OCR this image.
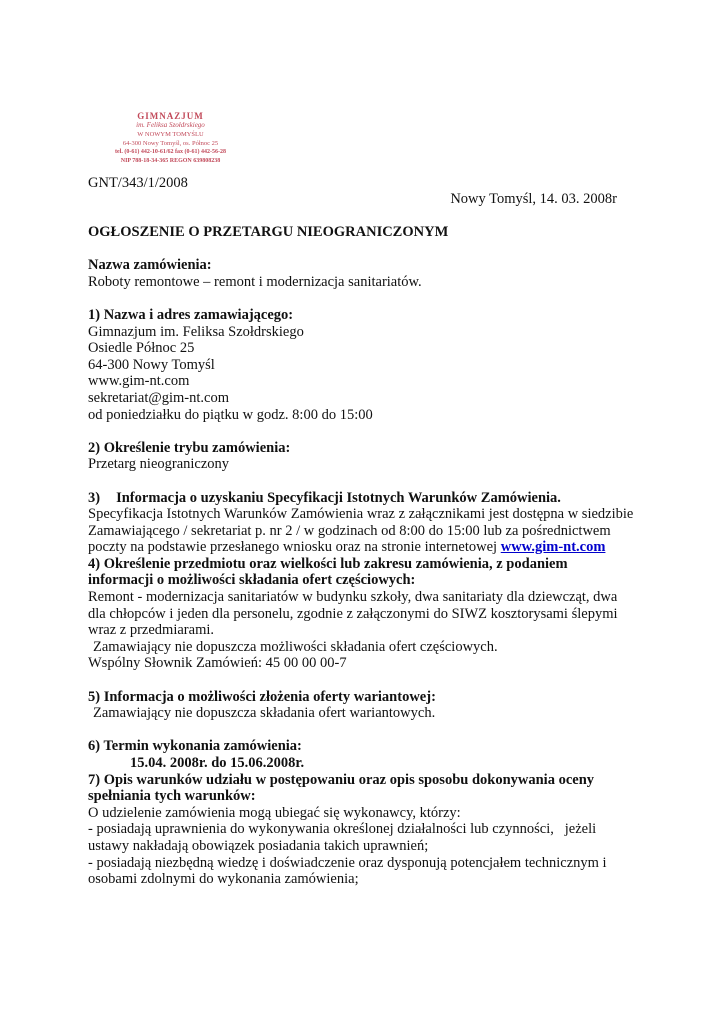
GIMNAZJUM
im. Feliksa Szołdrskiego
W NOWYM TOMYŚLU
64-300 Nowy Tomyśl, os. Północ 25
tel. (0-61) 442-10-61/62 fax (0-61) 442-56-28
NIP 788-18-34-365 REGON 639808238
GNT/343/1/2008
Nowy Tomyśl, 14. 03. 2008r

OGŁOSZENIE O PRZETARGU NIEOGRANICZONYM

Nazwa zamówienia:

Roboty remontowe – remont i modernizacja sanitariatów.

1) Nazwa i adres zamawiającego:

Gimnazjum im. Feliksa Szołdrskiego

Osiedle Północ 25

64-300 Nowy Tomyśl

www.gim-nt.com

sekretariat@gim-nt.com

od poniedziałku do piątku w godz. 8:00 do 15:00

2) Określenie trybu zamówienia:

Przetarg nieograniczony

3) Informacja o uzyskaniu Specyfikacji Istotnych Warunków Zamówienia.

Specyfikacja Istotnych Warunków Zamówienia wraz z załącznikami jest dostępna w siedzibie

Zamawiającego / sekretariat p. nr 2 / w godzinach od 8:00 do 15:00 lub za pośrednictwem

poczty na podstawie przesłanego wniosku oraz na stronie internetowej www.gim-nt.com

4) Określenie przedmiotu oraz wielkości lub zakresu zamówienia, z podaniem

informacji o możliwości składania ofert częściowych:

Remont - modernizacja sanitariatów w budynku szkoły, dwa sanitariaty dla dziewcząt, dwa

dla chłopców i jeden dla personelu, zgodnie z załączonymi do SIWZ kosztorysami ślepymi

wraz z przedmiarami.

Zamawiający nie dopuszcza możliwości składania ofert częściowych.

Wspólny Słownik Zamówień: 45 00 00 00-7

5) Informacja o możliwości złożenia oferty wariantowej:

Zamawiający nie dopuszcza składania ofert wariantowych.

6) Termin wykonania zamówienia:

15.04. 2008r. do 15.06.2008r.

7) Opis warunków udziału w postępowaniu oraz opis sposobu dokonywania oceny

spełniania tych warunków:

O udzielenie zamówienia mogą ubiegać się wykonawcy, którzy:

- posiadają uprawnienia do wykonywania określonej działalności lub czynności,   jeżeli

ustawy nakładają obowiązek posiadania takich uprawnień;

- posiadają niezbędną wiedzę i doświadczenie oraz dysponują potencjałem technicznym i

osobami zdolnymi do wykonania zamówienia;
